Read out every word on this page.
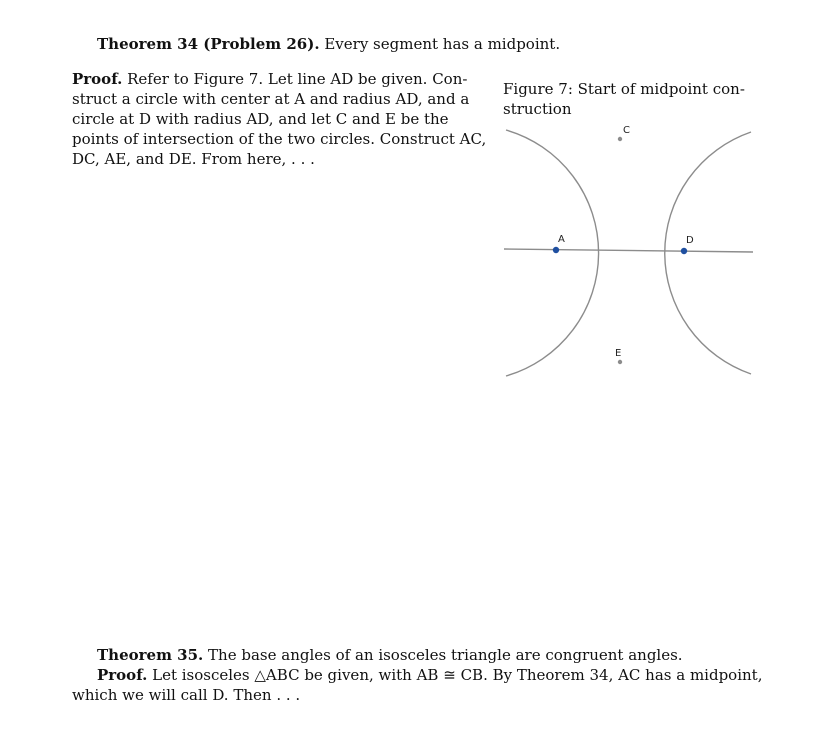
Theorem 34 (Problem 26). Every segment has a midpoint.
Proof. Refer to Figure 7. Let line AD be given. Con-
struct a circle with center at A and radius AD, and a
circle at D with radius AD, and let C and E be the
points of intersection of the two circles. Construct AC,
DC, AE, and DE. From here, . . .
Figure 7: Start of midpoint con-
struction
A	D
C
E
Theorem 35. The base angles of an isosceles triangle are congruent angles.
Proof. Let isosceles △ABC be given, with AB ≅ CB. By Theorem 34, AC has a midpoint,
which we will call D. Then . . .
